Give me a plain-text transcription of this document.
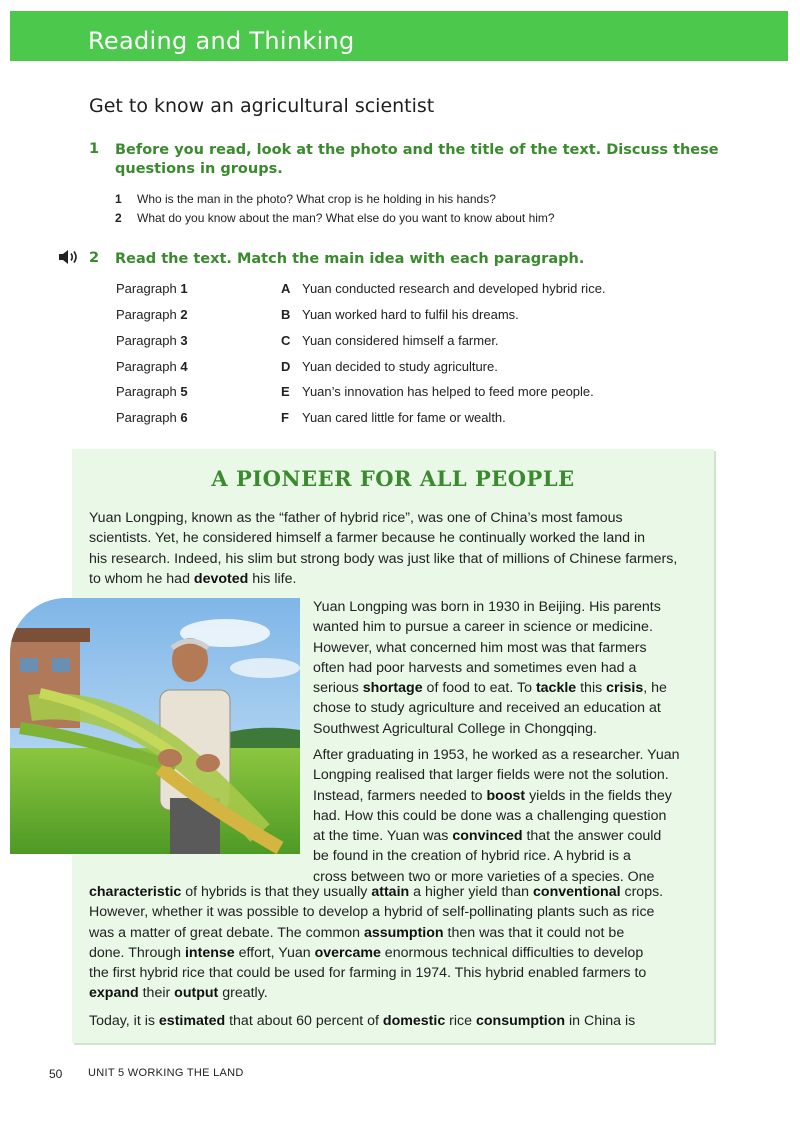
Reading and Thinking
Get to know an agricultural scientist
1 Before you read, look at the photo and the title of the text. Discuss these
questions in groups.
1 Who is the man in the photo? What crop is he holding in his hands?
2 What do you know about the man? What else do you want to know about him?
2 Read the text. Match the main idea with each paragraph.
Paragraph 1	A Yuan conducted research and developed hybrid rice.
Paragraph 2	B Yuan worked hard to fulfil his dreams.
Paragraph 3	C Yuan considered himself a farmer.
Paragraph 4	D Yuan decided to study agriculture.
Paragraph 5	E Yuan’s innovation has helped to feed more people.
Paragraph 6	F Yuan cared little for fame or wealth.
A PIONEER FOR ALL PEOPLE
Yuan Longping, known as the “father of hybrid rice”, was one of China’s most famous
scientists. Yet, he considered himself a farmer because he continually worked the land in
his research. Indeed, his slim but strong body was just like that of millions of Chinese farmers,
to whom he had devoted his life.
Yuan Longping was born in 1930 in Beijing. His parents
wanted him to pursue a career in science or medicine.
However, what concerned him most was that farmers
often had poor harvests and sometimes even had a
serious shortage of food to eat. To tackle this crisis, he
chose to study agriculture and received an education at
Southwest Agricultural College in Chongqing.
After graduating in 1953, he worked as a researcher. Yuan
Longping realised that larger fields were not the solution.
Instead, farmers needed to boost yields in the fields they
had. How this could be done was a challenging question
at the time. Yuan was convinced that the answer could
be found in the creation of hybrid rice. A hybrid is a
cross between two or more varieties of a species. One
characteristic of hybrids is that they usually attain a higher yield than conventional crops.
However, whether it was possible to develop a hybrid of self-pollinating plants such as rice
was a matter of great debate. The common assumption then was that it could not be
done. Through intense effort, Yuan overcame enormous technical difficulties to develop
the first hybrid rice that could be used for farming in 1974. This hybrid enabled farmers to
expand their output greatly.
Today, it is estimated that about 60 percent of domestic rice consumption in China is
50 UNIT 5 WORKING THE LAND
